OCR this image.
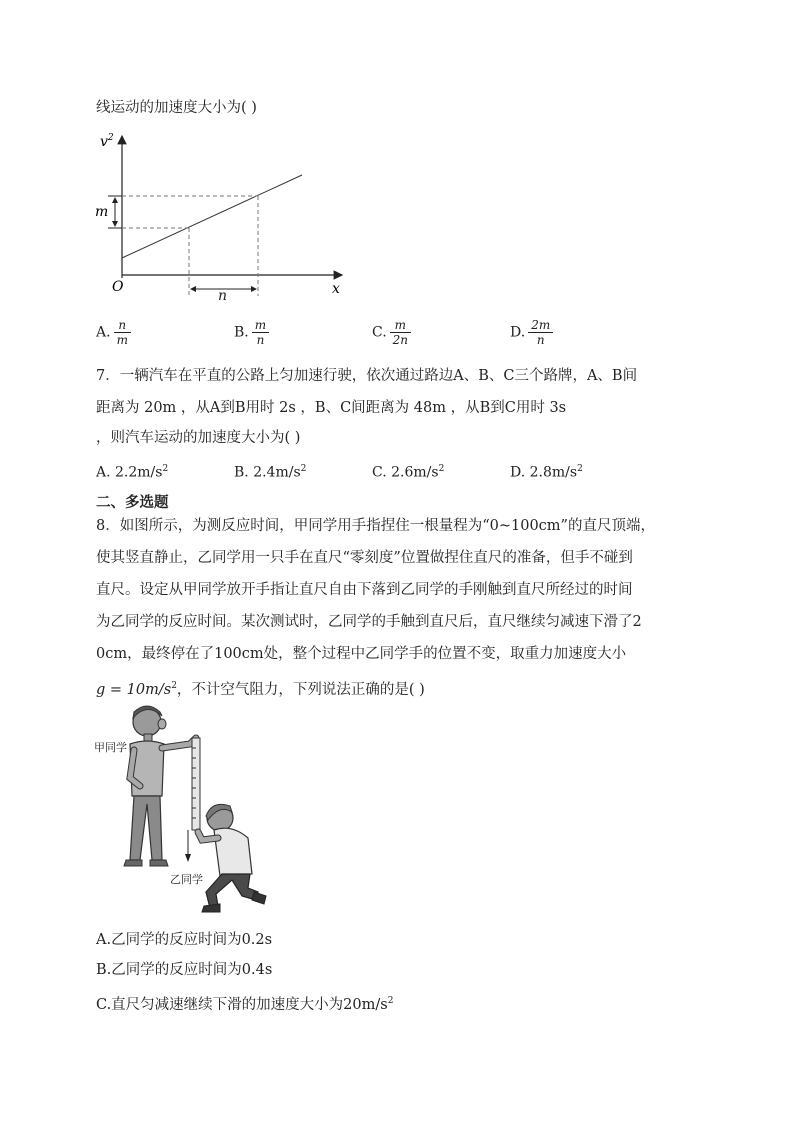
线运动的加速度大小为( )
$v^2$
O	x
m
n
A. $\frac{n}{m}$	B. $\frac{m}{n}$	C. $\frac{m}{2n}$	D. $\frac{2m}{n}$
7．一辆汽车在平直的公路上匀加速行驶，依次通过路边A、B、C三个路牌，A、B间
距离为 20m ，从A到B用时 2s ，B、C间距离为 48m ，从B到C用时 3s
，则汽车运动的加速度大小为( )
A. $2.2m/s^2$	B. $2.4m/s^2$	C. $2.6m/s^2$	D. $2.8m/s^2$
二、多选题
8．如图所示，为测反应时间，甲同学用手指捏住一根量程为“0~100cm”的直尺顶端，
使其竖直静止，乙同学用一只手在直尺“零刻度”位置做捏住直尺的准备，但手不碰到
直尺。设定从甲同学放开手指让直尺自由下落到乙同学的手刚触到直尺所经过的时间
为乙同学的反应时间。某次测试时，乙同学的手触到直尺后，直尺继续匀减速下滑了2
0cm，最终停在了100cm处，整个过程中乙同学手的位置不变，取重力加速度大小
$g = 10m/s^2$，不计空气阻力，下列说法正确的是( )
甲同学
乙同学
A.乙同学的反应时间为0.2s
B.乙同学的反应时间为0.4s
C.直尺匀减速继续下滑的加速度大小为$20m/s^2$
